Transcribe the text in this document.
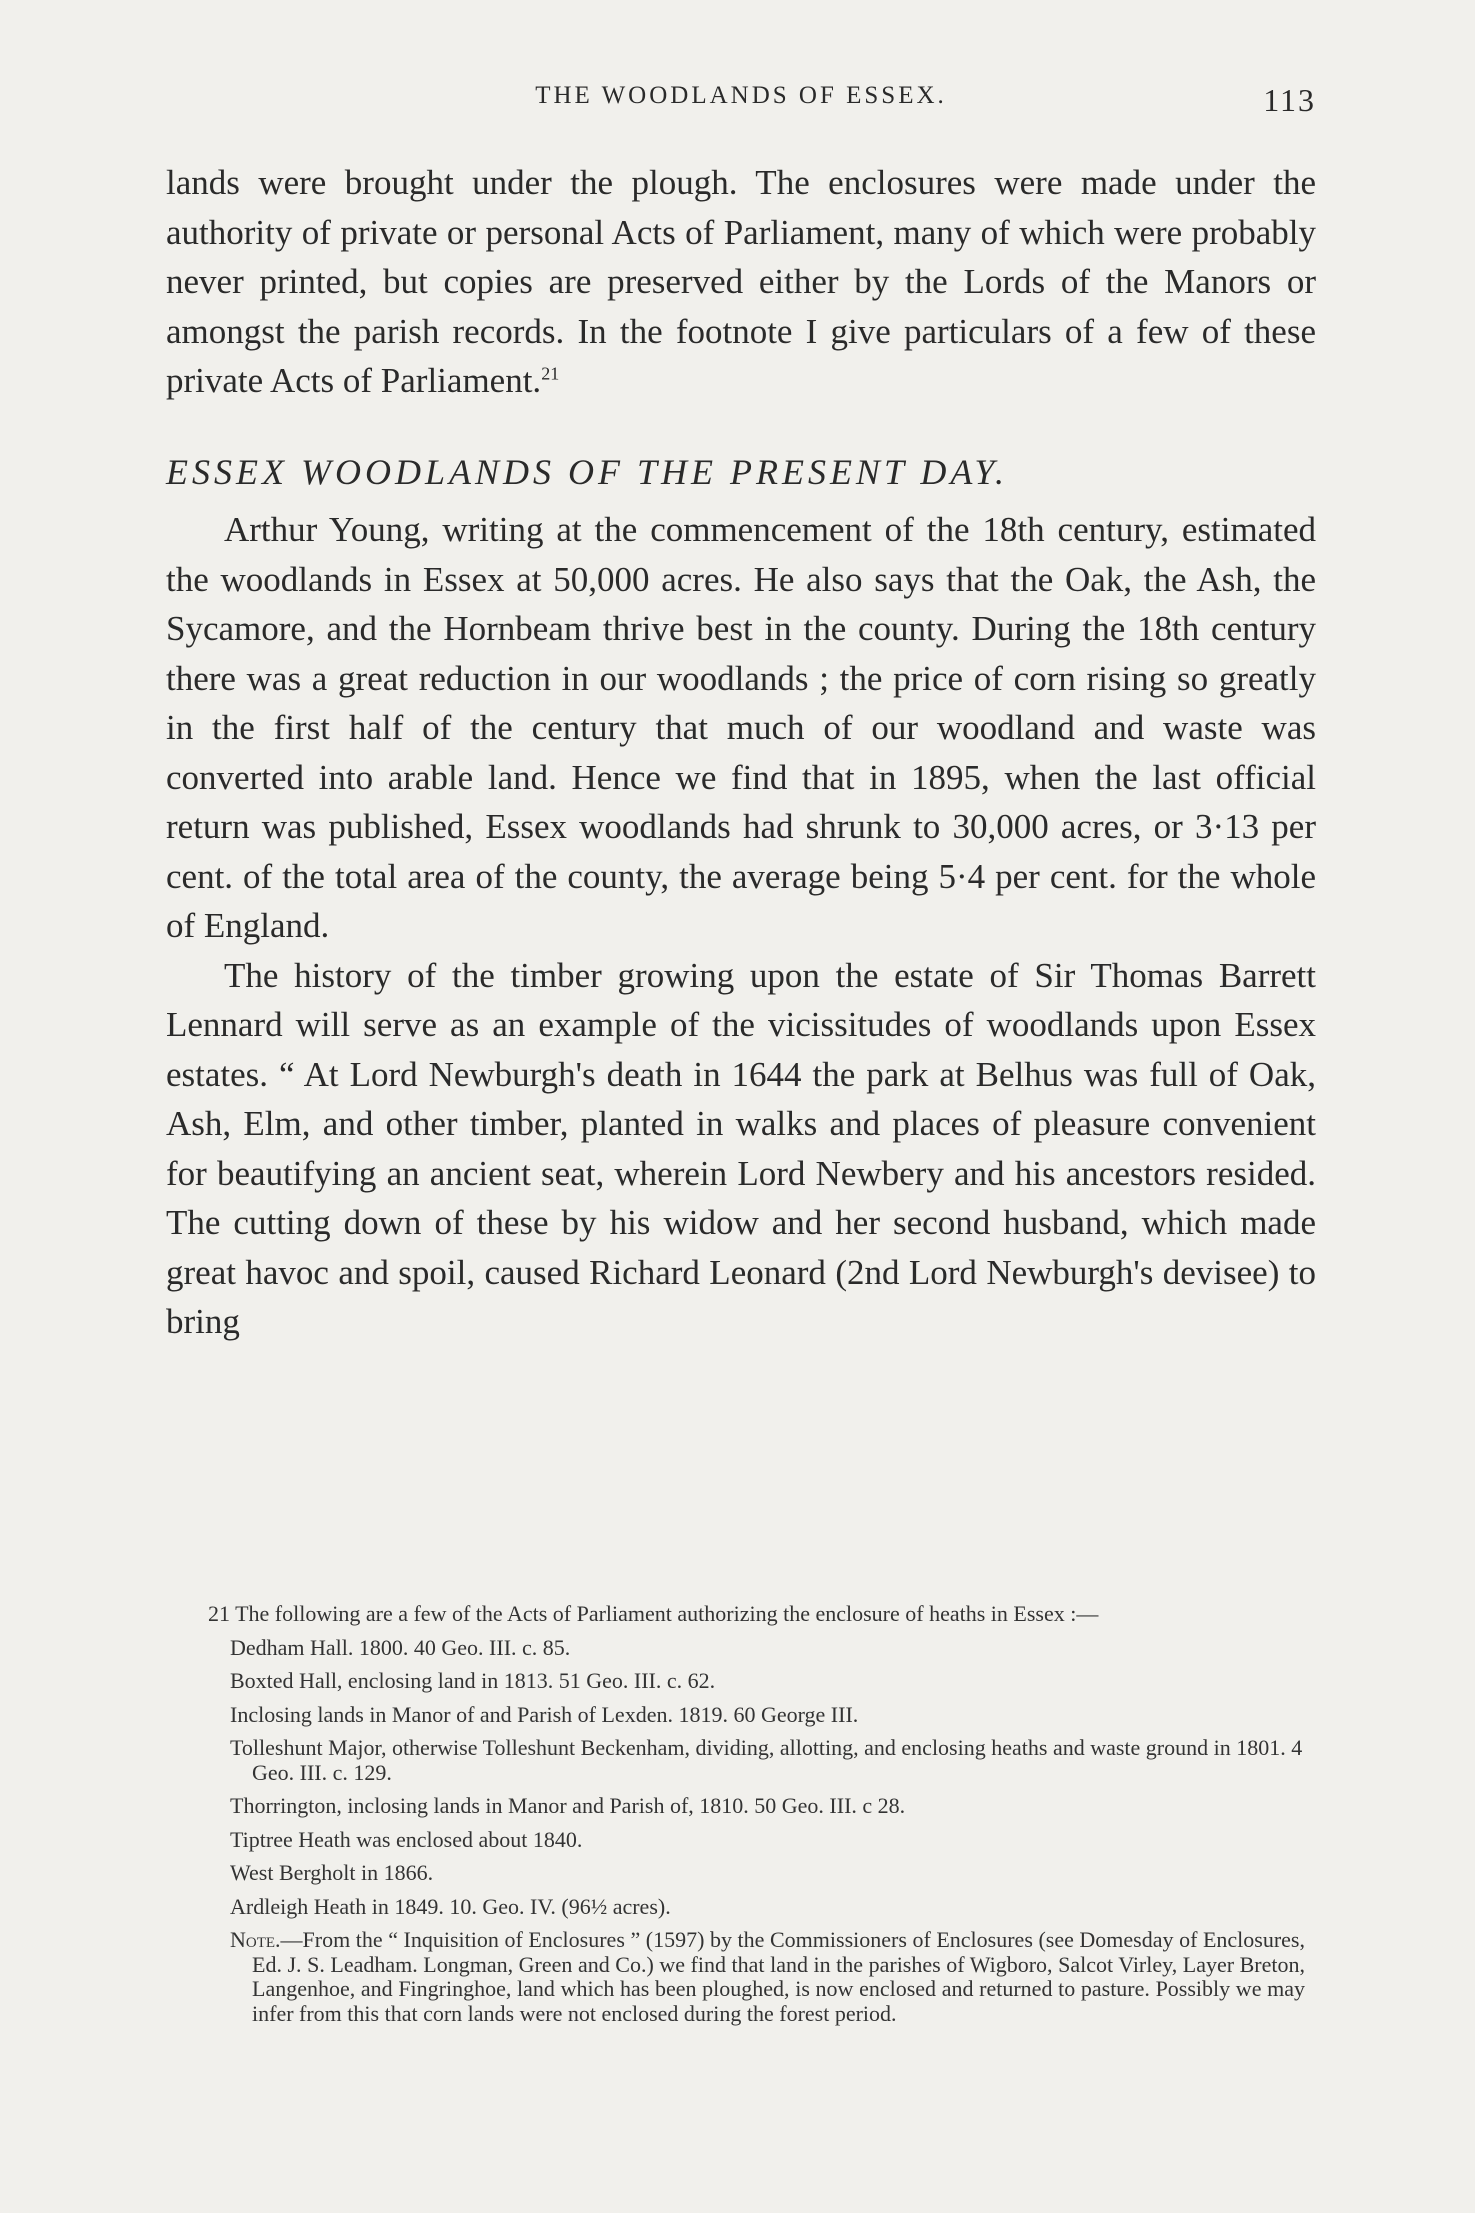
THE WOODLANDS OF ESSEX.	113

lands were brought under the plough. The enclosures were made under the authority of private or personal Acts of Parliament, many of which were probably never printed, but copies are preserved either by the Lords of the Manors or amongst the parish records. In the footnote I give particulars of a few of these private Acts of Parliament.$^{21}$

ESSEX WOODLANDS OF THE PRESENT DAY.

Arthur Young, writing at the commencement of the 18th century, estimated the woodlands in Essex at 50,000 acres. He also says that the Oak, the Ash, the Sycamore, and the Hornbeam thrive best in the county. During the 18th century there was a great reduction in our woodlands ; the price of corn rising so greatly in the first half of the century that much of our woodland and waste was converted into arable land. Hence we find that in 1895, when the last official return was published, Essex woodlands had shrunk to 30,000 acres, or 3·13 per cent. of the total area of the county, the average being 5·4 per cent. for the whole of England.

The history of the timber growing upon the estate of Sir Thomas Barrett Lennard will serve as an example of the vicissitudes of woodlands upon Essex estates. “ At Lord Newburgh's death in 1644 the park at Belhus was full of Oak, Ash, Elm, and other timber, planted in walks and places of pleasure convenient for beautifying an ancient seat, wherein Lord Newbery and his ancestors resided. The cutting down of these by his widow and her second husband, which made great havoc and spoil, caused Richard Leonard (2nd Lord Newburgh's devisee) to bring

21 The following are a few of the Acts of Parliament authorizing the enclosure of heaths in Essex :—

Dedham Hall. 1800. 40 Geo. III. c. 85.

Boxted Hall, enclosing land in 1813. 51 Geo. III. c. 62.

Inclosing lands in Manor of and Parish of Lexden. 1819. 60 George III.

Tolleshunt Major, otherwise Tolleshunt Beckenham, dividing, allotting, and enclosing heaths and waste ground in 1801. 4 Geo. III. c. 129.

Thorrington, inclosing lands in Manor and Parish of, 1810. 50 Geo. III. c 28.

Tiptree Heath was enclosed about 1840.

West Bergholt in 1866.

Ardleigh Heath in 1849. 10. Geo. IV. (96½ acres).

Note.—From the “ Inquisition of Enclosures ” (1597) by the Commissioners of Enclosures (see Domesday of Enclosures, Ed. J. S. Leadham. Longman, Green and Co.) we find that land in the parishes of Wigboro, Salcot Virley, Layer Breton, Langenhoe, and Fingringhoe, land which has been ploughed, is now enclosed and returned to pasture. Possibly we may infer from this that corn lands were not enclosed during the forest period.
